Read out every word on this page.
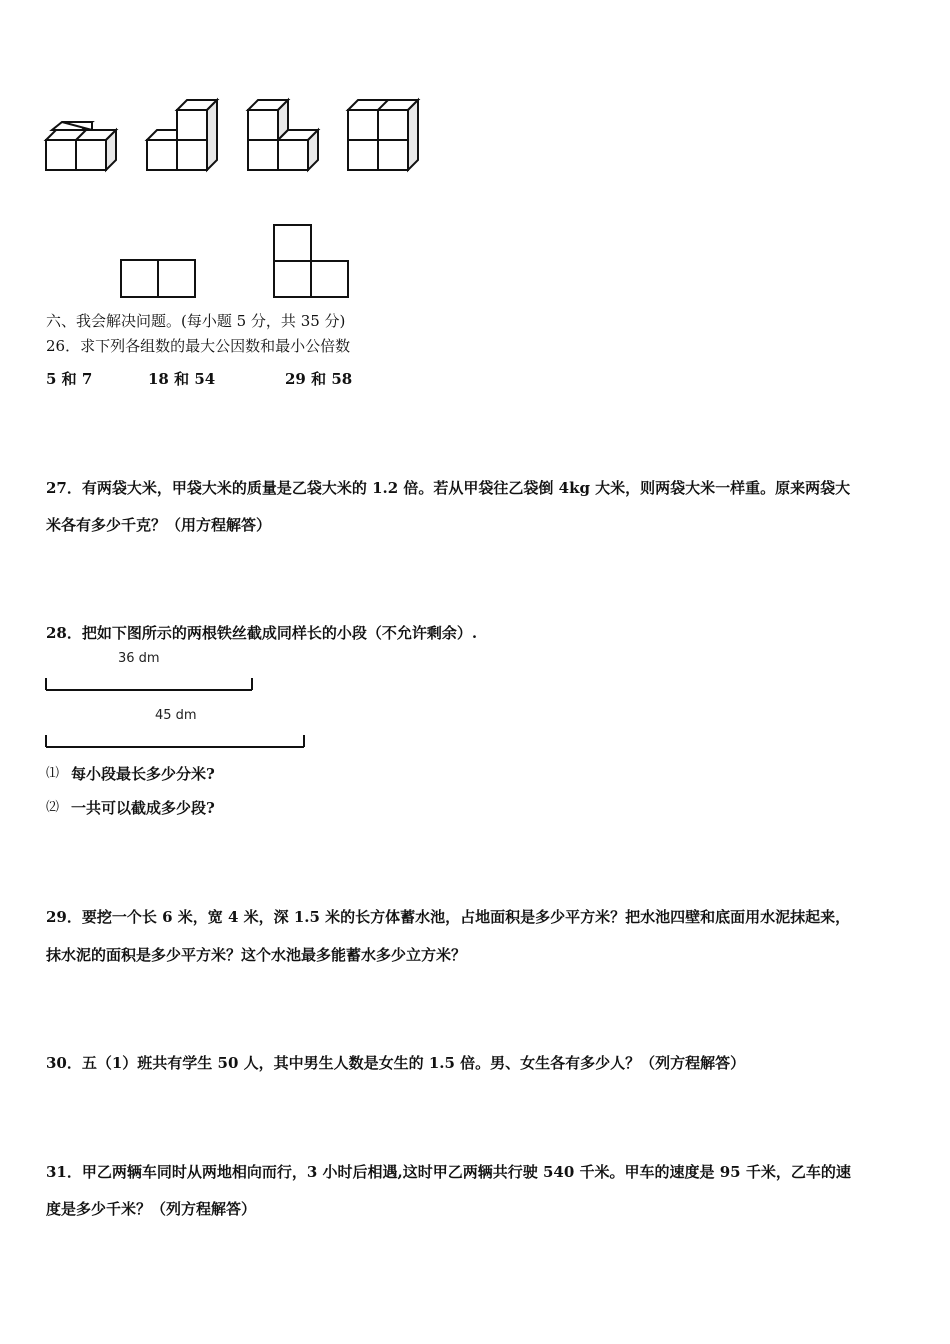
六、我会解决问题。(每小题 5 分，共 35 分)
26．求下列各组数的最大公因数和最小公倍数
5 和 7	18 和 54	29 和 58
27．有两袋大米，甲袋大米的质量是乙袋大米的 1.2 倍。若从甲袋往乙袋倒 4kg 大米，则两袋大米一样重。原来两袋大
米各有多少千克？（用方程解答）
28．把如下图所示的两根铁丝截成同样长的小段（不允许剩余）.
36 dm
45 dm
⑴ 每小段最长多少分米?
⑵ 一共可以截成多少段?
29．要挖一个长 6 米，宽 4 米，深 1.5 米的长方体蓄水池，占地面积是多少平方米？把水池四壁和底面用水泥抹起来，
抹水泥的面积是多少平方米？这个水池最多能蓄水多少立方米？
30．五（1）班共有学生 50 人，其中男生人数是女生的 1.5 倍。男、女生各有多少人？（列方程解答）
31．甲乙两辆车同时从两地相向而行，3 小时后相遇,这时甲乙两辆共行驶 540 千米。甲车的速度是 95 千米，乙车的速
度是多少千米？（列方程解答）
